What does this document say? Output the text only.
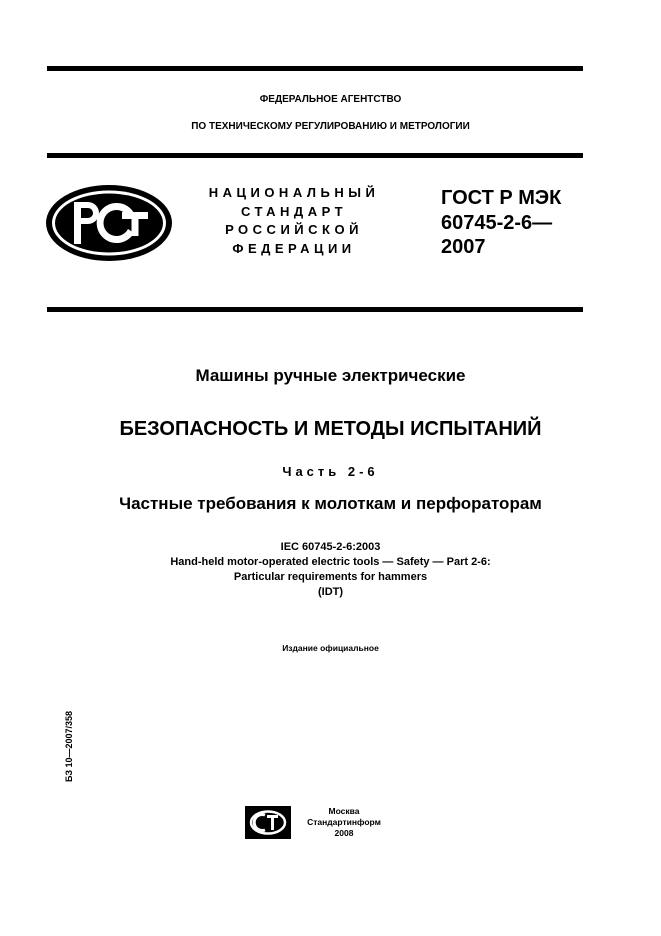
ФЕДЕРАЛЬНОЕ АГЕНТСТВО
ПО ТЕХНИЧЕСКОМУ РЕГУЛИРОВАНИЮ И МЕТРОЛОГИИ
НАЦИОНАЛЬНЫЙ
СТАНДАРТ
РОССИЙСКОЙ
ФЕДЕРАЦИИ
ГОСТ Р МЭК
60745-2-6—
2007
Машины ручные электрические
БЕЗОПАСНОСТЬ И МЕТОДЫ ИСПЫТАНИЙ
Часть 2-6
Частные требования к молоткам и перфораторам
IEC 60745-2-6:2003
Hand-held motor-operated electric tools — Safety — Part 2-6:
Particular requirements for hammers
(IDT)
Издание официальное
БЗ 10—2007/358
Москва
Стандартинформ
2008
